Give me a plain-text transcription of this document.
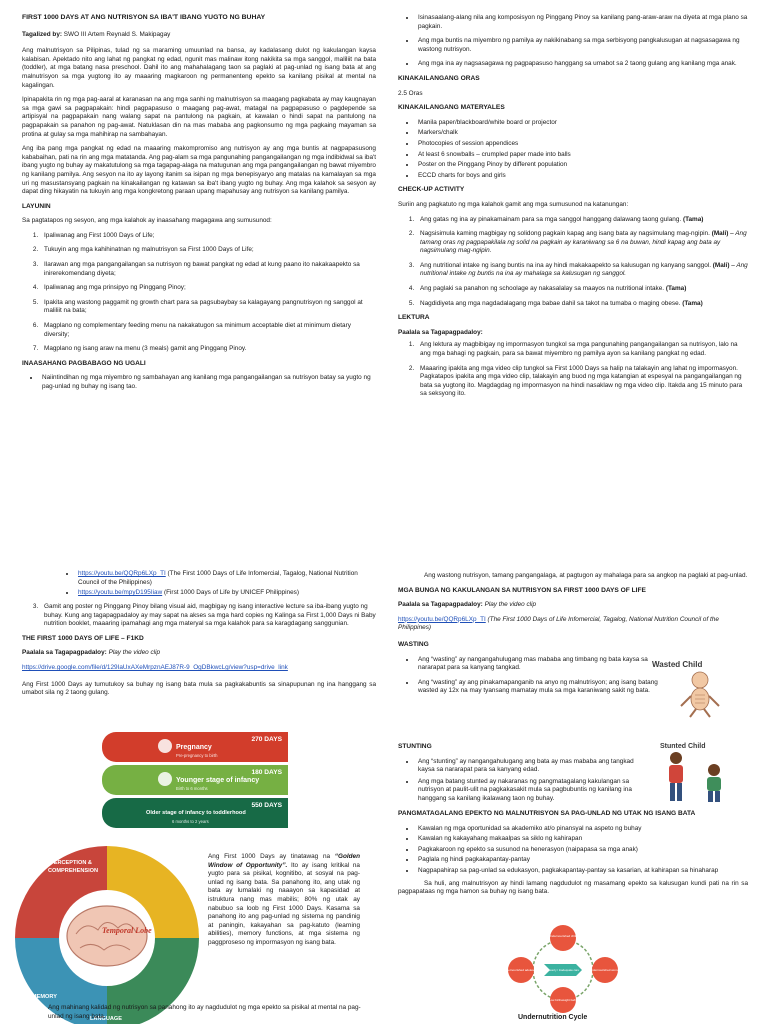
FIRST 1000 DAYS AT ANG NUTRISYON SA IBA'T IBANG YUGTO NG BUHAY
Tagalized by: SWO III Artem Reynald S. Makipagay

Ang malnutrisyon sa Pilipinas, tulad ng sa maraming umuunlad na bansa, ay kadalasang dulot ng kakulangan kaysa kalabisan. Apektado nito ang lahat ng pangkat ng edad, ngunit mas malinaw itong nakikita sa mga sanggol, maliliit na bata (toddler), at mga batang nasa preschool. Dahil ito ang mahahalagang taon sa paglaki at pag-unlad ng isang bata at ang malnutrisyon sa mga yugtong ito ay maaaring magkaroon ng permanenteng epekto sa kanilang pisikal at mental na kagalingan.

Ipinapakita rin ng mga pag-aaral at karanasan na ang mga sanhi ng malnutrisyon sa maagang pagkabata ay may kaugnayan sa mga gawi sa pagpapakain: hindi pagpapasuso o maagang pag-awat, matagal na pagpapasuso o pagdepende sa artipisyal na pagpapakain nang walang sapat na pantulong na pagkain, at kawalan o hindi sapat na pantulong na pagpapakain sa panahon ng pag-awat. Natuklasan din na mas mababa ang pagkonsumo ng mga pagkaing mayaman sa protina at gulay sa mga mahihirap na sambahayan.

Ang iba pang mga pangkat ng edad na maaaring makompromiso ang nutrisyon ay ang mga buntis at nagpapasusong kababaihan, pati na rin ang mga matatanda. Ang pag-alam sa mga pangunahing pangangailangan ng mga indibidwal sa iba't ibang yugto ng buhay ay makatutulong sa mga tagapag-alaga na matugunan ang mga pangangailangan ng bawat miyembro ng kanilang pamilya. Ang sesyon na ito ay layong itanim sa isipan ng mga benepisyaryo ang matalas na kamalayan sa mga uri ng masustansyang pagkain na kinakailangan ng katawan sa iba't ibang yugto ng buhay. Ang mga kalahok sa sesyon ay dapat ding hikayatin na tukuyin ang mga kongkretong paraan upang mapahusay ang nutrisyon sa kanilang pamilya.

LAYUNIN

Sa pagtatapos ng sesyon, ang mga kalahok ay inaasahang magagawa ang sumusunod:

1. Ipaliwanag ang First 1000 Days of Life;
2. Tukuyin ang mga kahihinatnan ng malnutrisyon sa First 1000 Days of Life;
3. Ilarawan ang mga pangangailangan sa nutrisyon ng bawat pangkat ng edad at kung paano ito nakakaapekto sa inirerekomendang diyeta;
4. Ipaliwanag ang mga prinsipyo ng Pinggang Pinoy;
5. Ipakita ang wastong paggamit ng growth chart para sa pagsubaybay sa kalagayang pangnutrisyon ng sanggol at maliliit na bata;
6. Magplano ng complementary feeding menu na nakakatugon sa minimum acceptable diet at minimum dietary diversity;
7. Magplano ng isang araw na menu (3 meals) gamit ang Pinggang Pinoy.
INAASAHANG PAGBABAGO NG UGALI
• Naiintindihan ng mga miyembro ng sambahayan ang kanilang mga pangangailangan sa nutrisyon batay sa yugto ng pag-unlad ng buhay ng isang tao.
• Isinasaalang-alang nila ang komposisyon ng Pinggang Pinoy sa kanilang pang-araw-araw na diyeta at mga plano sa pagkain.
• Ang mga buntis na miyembro ng pamilya ay nakikinabang sa mga serbisyong pangkalusugan at nagsasagawa ng wastong nutrisyon.
• Ang mga ina ay nagsasagawa ng pagpapasuso hanggang sa umabot sa 2 taong gulang ang kanilang mga anak.
KINAKAILANGANG ORAS

2.5 Oras

KINAKAILANGANG MATERYALES
• Manila paper/blackboard/white board or projector
• Markers/chalk
• Photocopies of session appendices
• At least 6 snowballs – crumpled paper made into balls
• Poster on the Pinggang Pinoy by different population
• ECCD charts for boys and girls
CHECK-UP ACTIVITY

Suriin ang pagkatuto ng mga kalahok gamit ang mga sumusunod na katanungan:

1. Ang gatas ng ina ay pinakamainam para sa mga sanggol hanggang dalawang taong gulang. (Tama)
2. Nagsisimula kaming magbigay ng solidong pagkain kapag ang isang bata ay nagsimulang mag-ngipin. (Mali) – Ang tamang oras ng pagpapakilala ng solid na pagkain ay karaniwang sa 6 na buwan, hindi kapag ang bata ay nagsimulang mag-ngipin.
3. Ang nutritional intake ng isang buntis na ina ay hindi makakaapekto sa kalusugan ng kanyang sanggol. (Mali) – Ang nutritional intake ng buntis na ina ay mahalaga sa kalusugan ng sanggol.
4. Ang paglaki sa panahon ng schoolage ay nakasalalay sa maayos na nutritional intake. (Tama)
5. Nagdidiyeta ang mga nagdadalagang mga babae dahil sa takot na tumaba o maging obese. (Tama)
LEKTURA
Paalala sa Tagapagpadaloy:
1. Ang lektura ay magbibigay ng impormasyon tungkol sa mga pangunahing pangangailangan sa nutrisyon, lalo na ang mga bahagi ng pagkain, para sa bawat miyembro ng pamilya ayon sa kanilang pangkat ng edad.
2. Maaaring ipakita ang mga video clip tungkol sa First 1000 Days sa halip na talakayin ang lahat ng impormasyon. Pagkatapos ipakita ang mga video clip, talakayin ang buod ng mga katangian at espesyal na pangangailangan ng bata sa yugtong ito. Magdagdag ng impormasyon na hindi nasaklaw ng mga video clip. Itakda ang 15 minuto para sa seksyong ito.
• https://youtu.be/QQRp6LXp_TI (The First 1000 Days of Life Infomercial, Tagalog, National Nutrition Council of the Philippines)
• https://youtu.be/mpyD195Iiaw (First 1000 Days of Life by UNICEF Philippines)
3. Gamit ang poster ng Pinggang Pinoy bilang visual aid, magbigay ng isang interactive lecture sa iba-ibang yugto ng buhay. Kung ang tagapagpadaloy ay may sapat na akses sa mga hard copies ng Kalinga sa First 1,000 Days ni Baby nutrition booklet, maaaring ipamahagi ang mga materyal sa mga kalahok para sa karagdagang sanggunian.
THE FIRST 1000 DAYS OF LIFE – F1KD
Paalala sa Tagapagpadaloy: Play the video clip
https://drive.google.com/file/d/129IaUxAXeMrpznAEJ87R-9_OgDBkwcLg/view?usp=drive_link

Ang First 1000 Days ay tumutukoy sa buhay ng isang bata mula sa pagkakabuntis sa sinapupunan ng ina hanggang sa umabot sila ng 2 taong gulang.

270 DAYS
Pregnancy
Pre-pregnancy to birth
180 DAYS
Younger stage of infancy
Birth to 6 months
550 DAYS
Older stage of infancy to toddlerhood
6 months to 2 years
PERCEPTION &
COMPREHENSION
Temporal Lobe
MEMORY
LANGUAGE
Ang First 1000 Days ay tinatawag na “Golden Window of Opportunity”. Ito ay isang kritikal na yugto para sa pisikal, kognitibo, at sosyal na pag-unlad ng isang bata. Sa panahong ito, ang utak ng bata ay lumalaki ng naaayon sa kapasidad at istruktura nang mas mabilis; 80% ng utak ay nabubuo sa loob ng First 1000 Days. Kasama sa panahong ito ang pag-unlad ng sistema ng pandinig at paningin, kakayahan sa pag-katuto (learning abilities), memory functions, at mga sistema ng paggproseso ng impormasyon ng isang bata.
Ang mahinang kalidad ng nutrisyon sa panahong ito ay nagdudulot ng mga epekto sa pisikal at mental na pag-unlad ng isang bata.

Ang wastong nutrisyon, tamang pangangalaga, at pagtugon ay mahalaga para sa angkop na paglaki at pag-unlad.

MGA BUNGA NG KAKULANGAN SA NUTRISYON SA FIRST 1000 DAYS OF LIFE
Paalala sa Tagapagpadaloy: Play the video clip
https://youtu.be/QQRp6LXp_TI (The First 1000 Days of Life Infomercial, Tagalog, National Nutrition Council of the Philippines)
WASTING
• Ang “wasting” ay nangangahulugang mas mababa ang timbang ng bata kaysa sa nararapat para sa kanyang tangkad.
• Ang “wasting” ay ang pinakamapanganib na anyo ng malnutrisyon; ang isang batang wasted ay 12x na may tyansang mamatay mula sa mga karaniwang sakit ng bata.
Wasted Child
STUNTING
• Ang “stunting” ay nangangahulugang ang bata ay mas mababa ang tangkad kaysa sa nararapat para sa kanyang edad.
• Ang mga batang stunted ay nakaranas ng pangmatagalang kakulangan sa nutrisyon at paulit-ulit na pagkakasakit mula sa pagbubuntis ng kanilang ina hanggang sa kanilang ikalawang taon ng buhay.
Stunted Child
PANGMATAGALANG EPEKTO NG MALNUTRISYON SA PAG-UNLAD NG UTAK NG ISANG BATA
• Kawalan ng mga oportunidad sa akademiko at/o pinansyal na aspeto ng buhay
• Kawalan ng kakayahang makaalpas sa siklo ng kahirapan
• Pagkakaroon ng epekto sa susunod na henerasyon (naipapasa sa mga anak)
• Paglala ng hindi pagkakapantay-pantay
• Nagpapahirap sa pag-unlad sa edukasyon, pagkakapantay-pantay sa kasarian, at kahirapan sa hinaharap

Sa huli, ang malnutrisyon ay hindi lamang nagdudulot ng masamang epekto sa kalusugan kundi pati na rin sa pagpapataas ng mga hamon sa buhay ng isang bata.

Undernourished child
Undernourished woman
Low birthweight baby
Undernourished adolescent	Poverty / Inadequate care
Undernutrition Cycle
